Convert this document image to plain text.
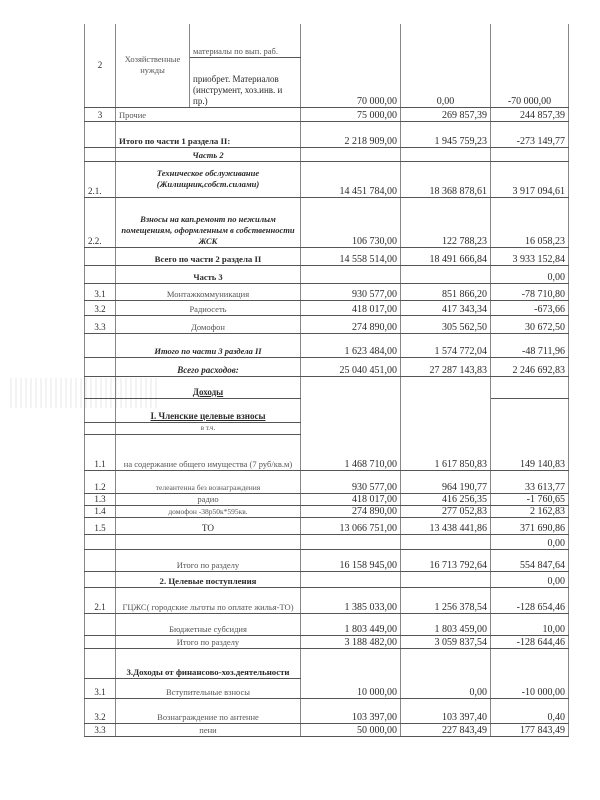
2	Хозяйственные нужды	материалы по вып. раб.			
		приобрет. Материалов (инструмент, хоз.инв. и пр.)	70 000,00	0,00	-70 000,00
3	Прочие		75 000,00	269 857,39	244 857,39
	Итого по части 1 раздела II:		2 218 909,00	1 945 759,23	-273 149,77
	Часть 2				
2.1.	Техническое обслуживание (Жилищник,собст.силами)		14 451 784,00	18 368 878,61	3 917 094,61
2.2.	Взносы на кап.ремонт по нежилым помещениям, оформленным в собственности ЖСК		106 730,00	122 788,23	16 058,23
	Всего по части 2 раздела II		14 558 514,00	18 491 666,84	3 933 152,84
	Часть 3				0,00
3.1	Монтажкоммуникация		930 577,00	851 866,20	-78 710,80
3.2	Радиосеть		418 017,00	417 343,34	-673,66
3.3	Домофон		274 890,00	305 562,50	30 672,50
	Итого по части 3 раздела II		1 623 484,00	1 574 772,04	-48 711,96
	Всего расходов:		25 040 451,00	27 287 143,83	2 246 692,83
	Доходы				
	I. Членские целевые взносы				
	в т.ч.				
1.1	на содержание общего имущества (7 руб/кв.м)		1 468 710,00	1 617 850,83	149 140,83
1.2	телеантенна без вознаграждения		930 577,00	964 190,77	33 613,77
1.3	радио		418 017,00	416 256,35	-1 760,65
1.4	домофон -38р50к*595кв.		274 890,00	277 052,83	2 162,83
1.5	ТО		13 066 751,00	13 438 441,86	371 690,86
					0,00
	Итого по разделу		16 158 945,00	16 713 792,64	554 847,64
	2. Целевые поступления				0,00
2.1	ГЦЖС( городские льготы по оплате жилья-ТО)		1 385 033,00	1 256 378,54	-128 654,46
	Бюджетные субсидия		1 803 449,00	1 803 459,00	10,00
	Итого по разделу		3 188 482,00	3 059 837,54	-128 644,46
	3.Доходы от финансово-хоз.деятельности				
3.1	Вступительные взносы		10 000,00	0,00	-10 000,00
3.2	Вознаграждение по антенне		103 397,00	103 397,40	0,40
3.3	пени		50 000,00	227 843,49	177 843,49
